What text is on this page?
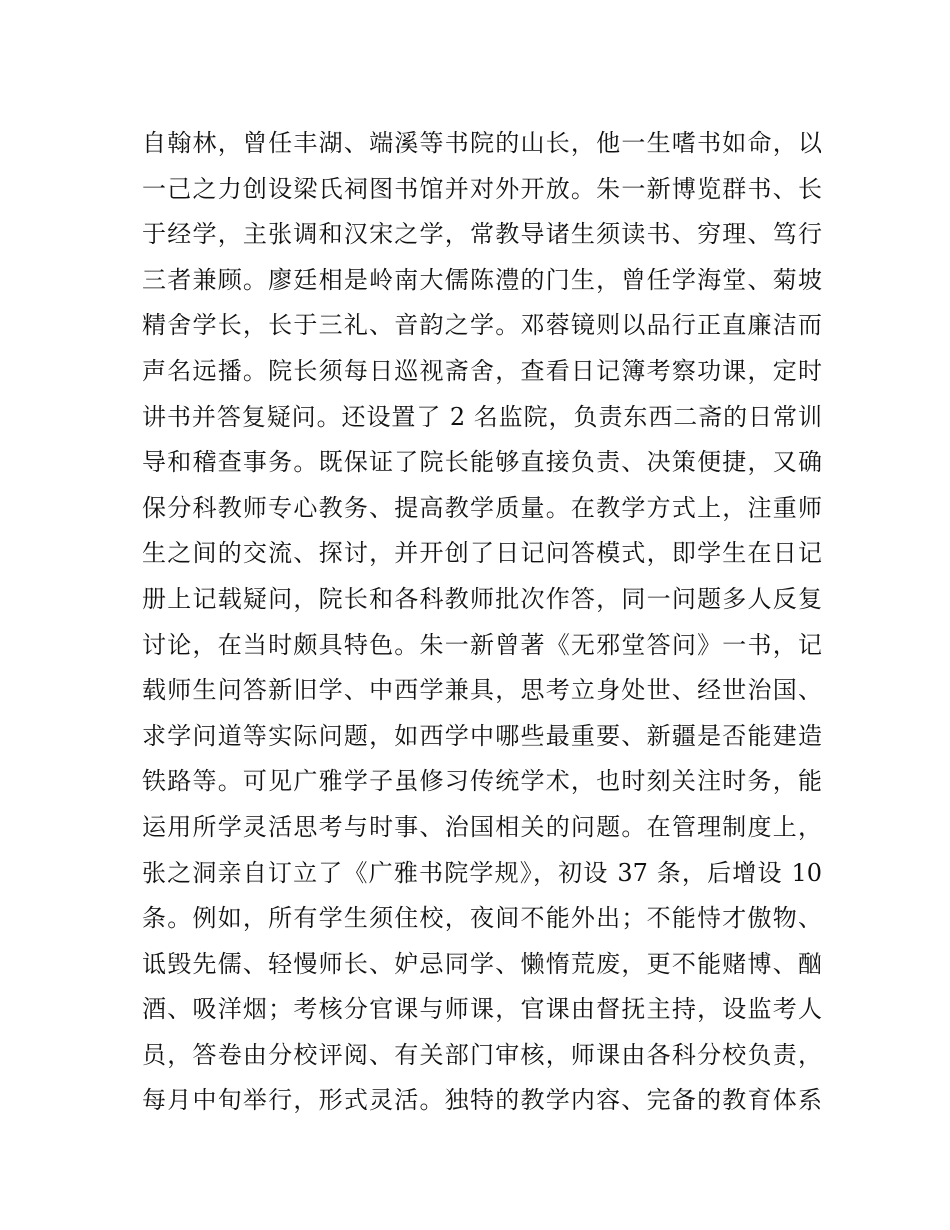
自翰林，曾任丰湖、端溪等书院的山长，他一生嗜书如命，以
一己之力创设梁氏祠图书馆并对外开放。朱一新博览群书、长
于经学，主张调和汉宋之学，常教导诸生须读书、穷理、笃行
三者兼顾。廖廷相是岭南大儒陈澧的门生，曾任学海堂、菊坡
精舍学长，长于三礼、音韵之学。邓蓉镜则以品行正直廉洁而
声名远播。院长须每日巡视斋舍，查看日记簿考察功课，定时
讲书并答复疑问。还设置了 2 名监院，负责东西二斋的日常训
导和稽查事务。既保证了院长能够直接负责、决策便捷，又确
保分科教师专心教务、提高教学质量。在教学方式上，注重师
生之间的交流、探讨，并开创了日记问答模式，即学生在日记
册上记载疑问，院长和各科教师批次作答，同一问题多人反复
讨论，在当时颇具特色。朱一新曾著《无邪堂答问》一书，记
载师生问答新旧学、中西学兼具，思考立身处世、经世治国、
求学问道等实际问题，如西学中哪些最重要、新疆是否能建造
铁路等。可见广雅学子虽修习传统学术，也时刻关注时务，能
运用所学灵活思考与时事、治国相关的问题。在管理制度上，
张之洞亲自订立了《广雅书院学规》，初设 37 条，后增设 10
条。例如，所有学生须住校，夜间不能外出；不能恃才傲物、
诋毁先儒、轻慢师长、妒忌同学、懒惰荒废，更不能赌博、酗
酒、吸洋烟；考核分官课与师课，官课由督抚主持，设监考人
员，答卷由分校评阅、有关部门审核，师课由各科分校负责，
每月中旬举行，形式灵活。独特的教学内容、完备的教育体系
